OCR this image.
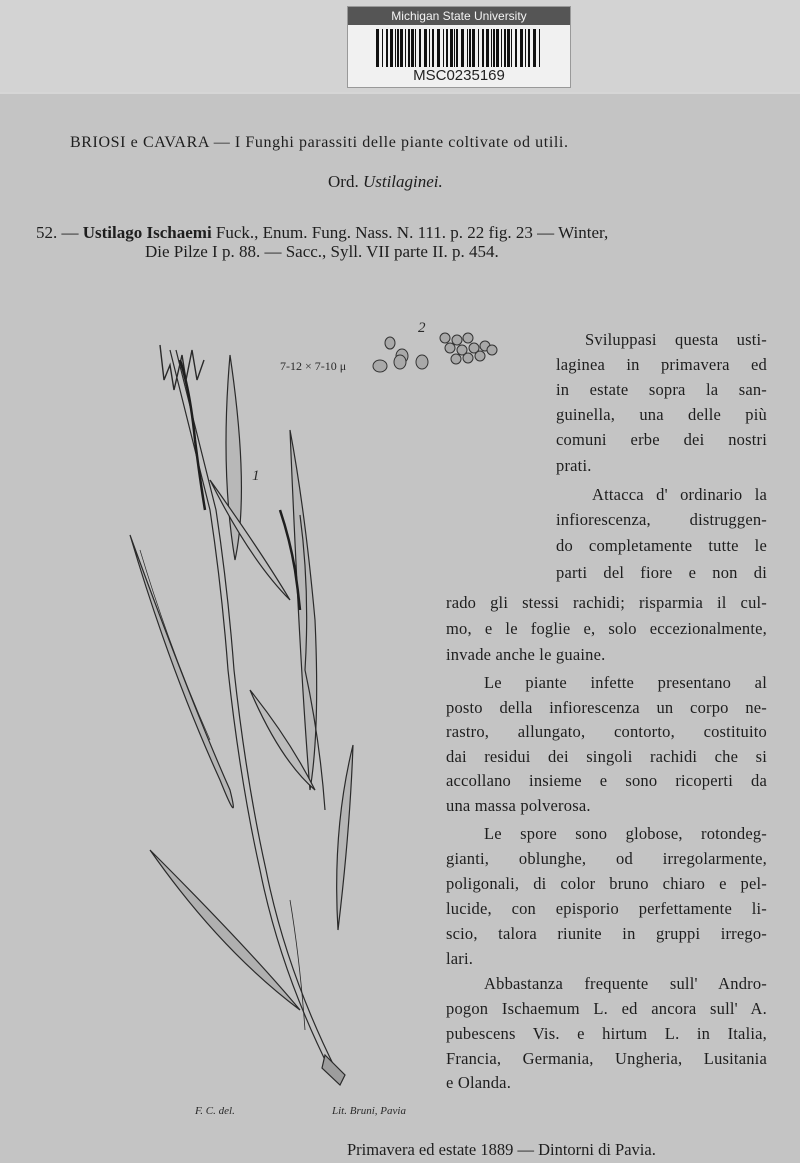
Michigan State University
MSC0235169
BRIOSI e CAVARA — I Funghi parassiti delle piante coltivate od utili.
Ord. Ustilaginei.
52. — Ustilago Ischaemi Fuck., Enum. Fung. Nass. N. 111. p. 22 fig. 23 — Winter,
Die Pilze I p. 88. — Sacc., Syll. VII parte II. p. 454.
1
2
7-12 × 7-10 μ
F. C. del.	Lit. Bruni, Pavia
Sviluppasi questa usti-
laginea in primavera ed
in estate sopra la san-
guinella, una delle più
comuni erbe dei nostri
prati.
Attacca d' ordinario la
infiorescenza, distruggen-
do completamente tutte le
parti del fiore e non di
rado gli stessi rachidi; risparmia il cul-
mo, e le foglie e, solo eccezionalmente,
invade anche le guaine.
Le piante infette presentano al
posto della infiorescenza un corpo ne-
rastro, allungato, contorto, costituito
dai residui dei singoli rachidi che si
accollano insieme e sono ricoperti da
una massa polverosa.
Le spore sono globose, rotondeg-
gianti, oblunghe, od irregolarmente,
poligonali, di color bruno chiaro e pel-
lucide, con episporio perfettamente li-
scio, talora riunite in gruppi irrego-
lari.
Abbastanza frequente sull' Andro-
pogon Ischaemum L. ed ancora sull' A.
pubescens Vis. e hirtum L. in Italia,
Francia, Germania, Ungheria, Lusitania
e Olanda.
Primavera ed estate 1889 — Dintorni di Pavia.
